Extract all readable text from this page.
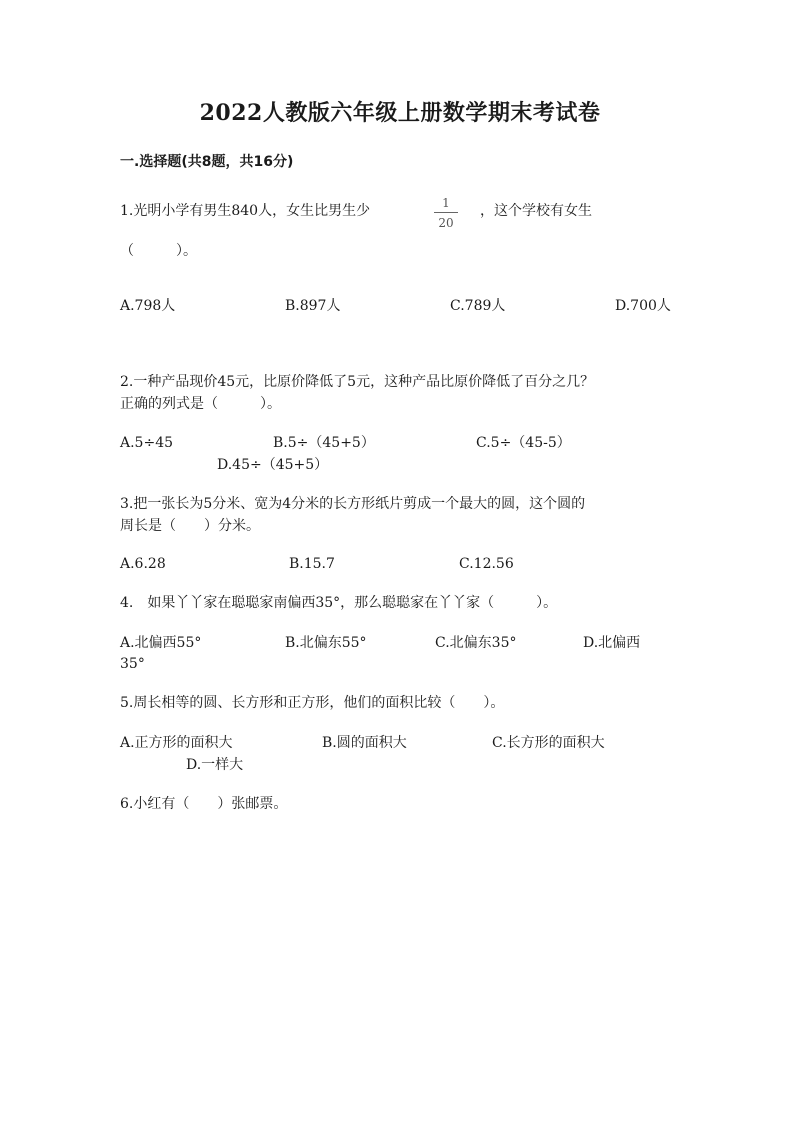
2022人教版六年级上册数学期末考试卷
一.选择题(共8题，共16分)
1.光明小学有男生840人，女生比男生少	1
20
，这个学校有女生
（　　　）。
A.798人	B.897人	C.789人	D.700人
2.一种产品现价45元，比原价降低了5元，这种产品比原价降低了百分之几？
正确的列式是（　　　）。
A.5÷45	B.5÷（45+5）	C.5÷（45-5）
D.45÷（45+5）
3.把一张长为5分米、宽为4分米的长方形纸片剪成一个最大的圆，这个圆的
周长是（　　）分米。
A.6.28	B.15.7	C.12.56
4.　如果丫丫家在聪聪家南偏西35°，那么聪聪家在丫丫家（　　　）。
A.北偏西55°	B.北偏东55°	C.北偏东35°	D.北偏西
35°
5.周长相等的圆、长方形和正方形，他们的面积比较（　　）。
A.正方形的面积大	B.圆的面积大	C.长方形的面积大
D.一样大
6.小红有（　　）张邮票。
